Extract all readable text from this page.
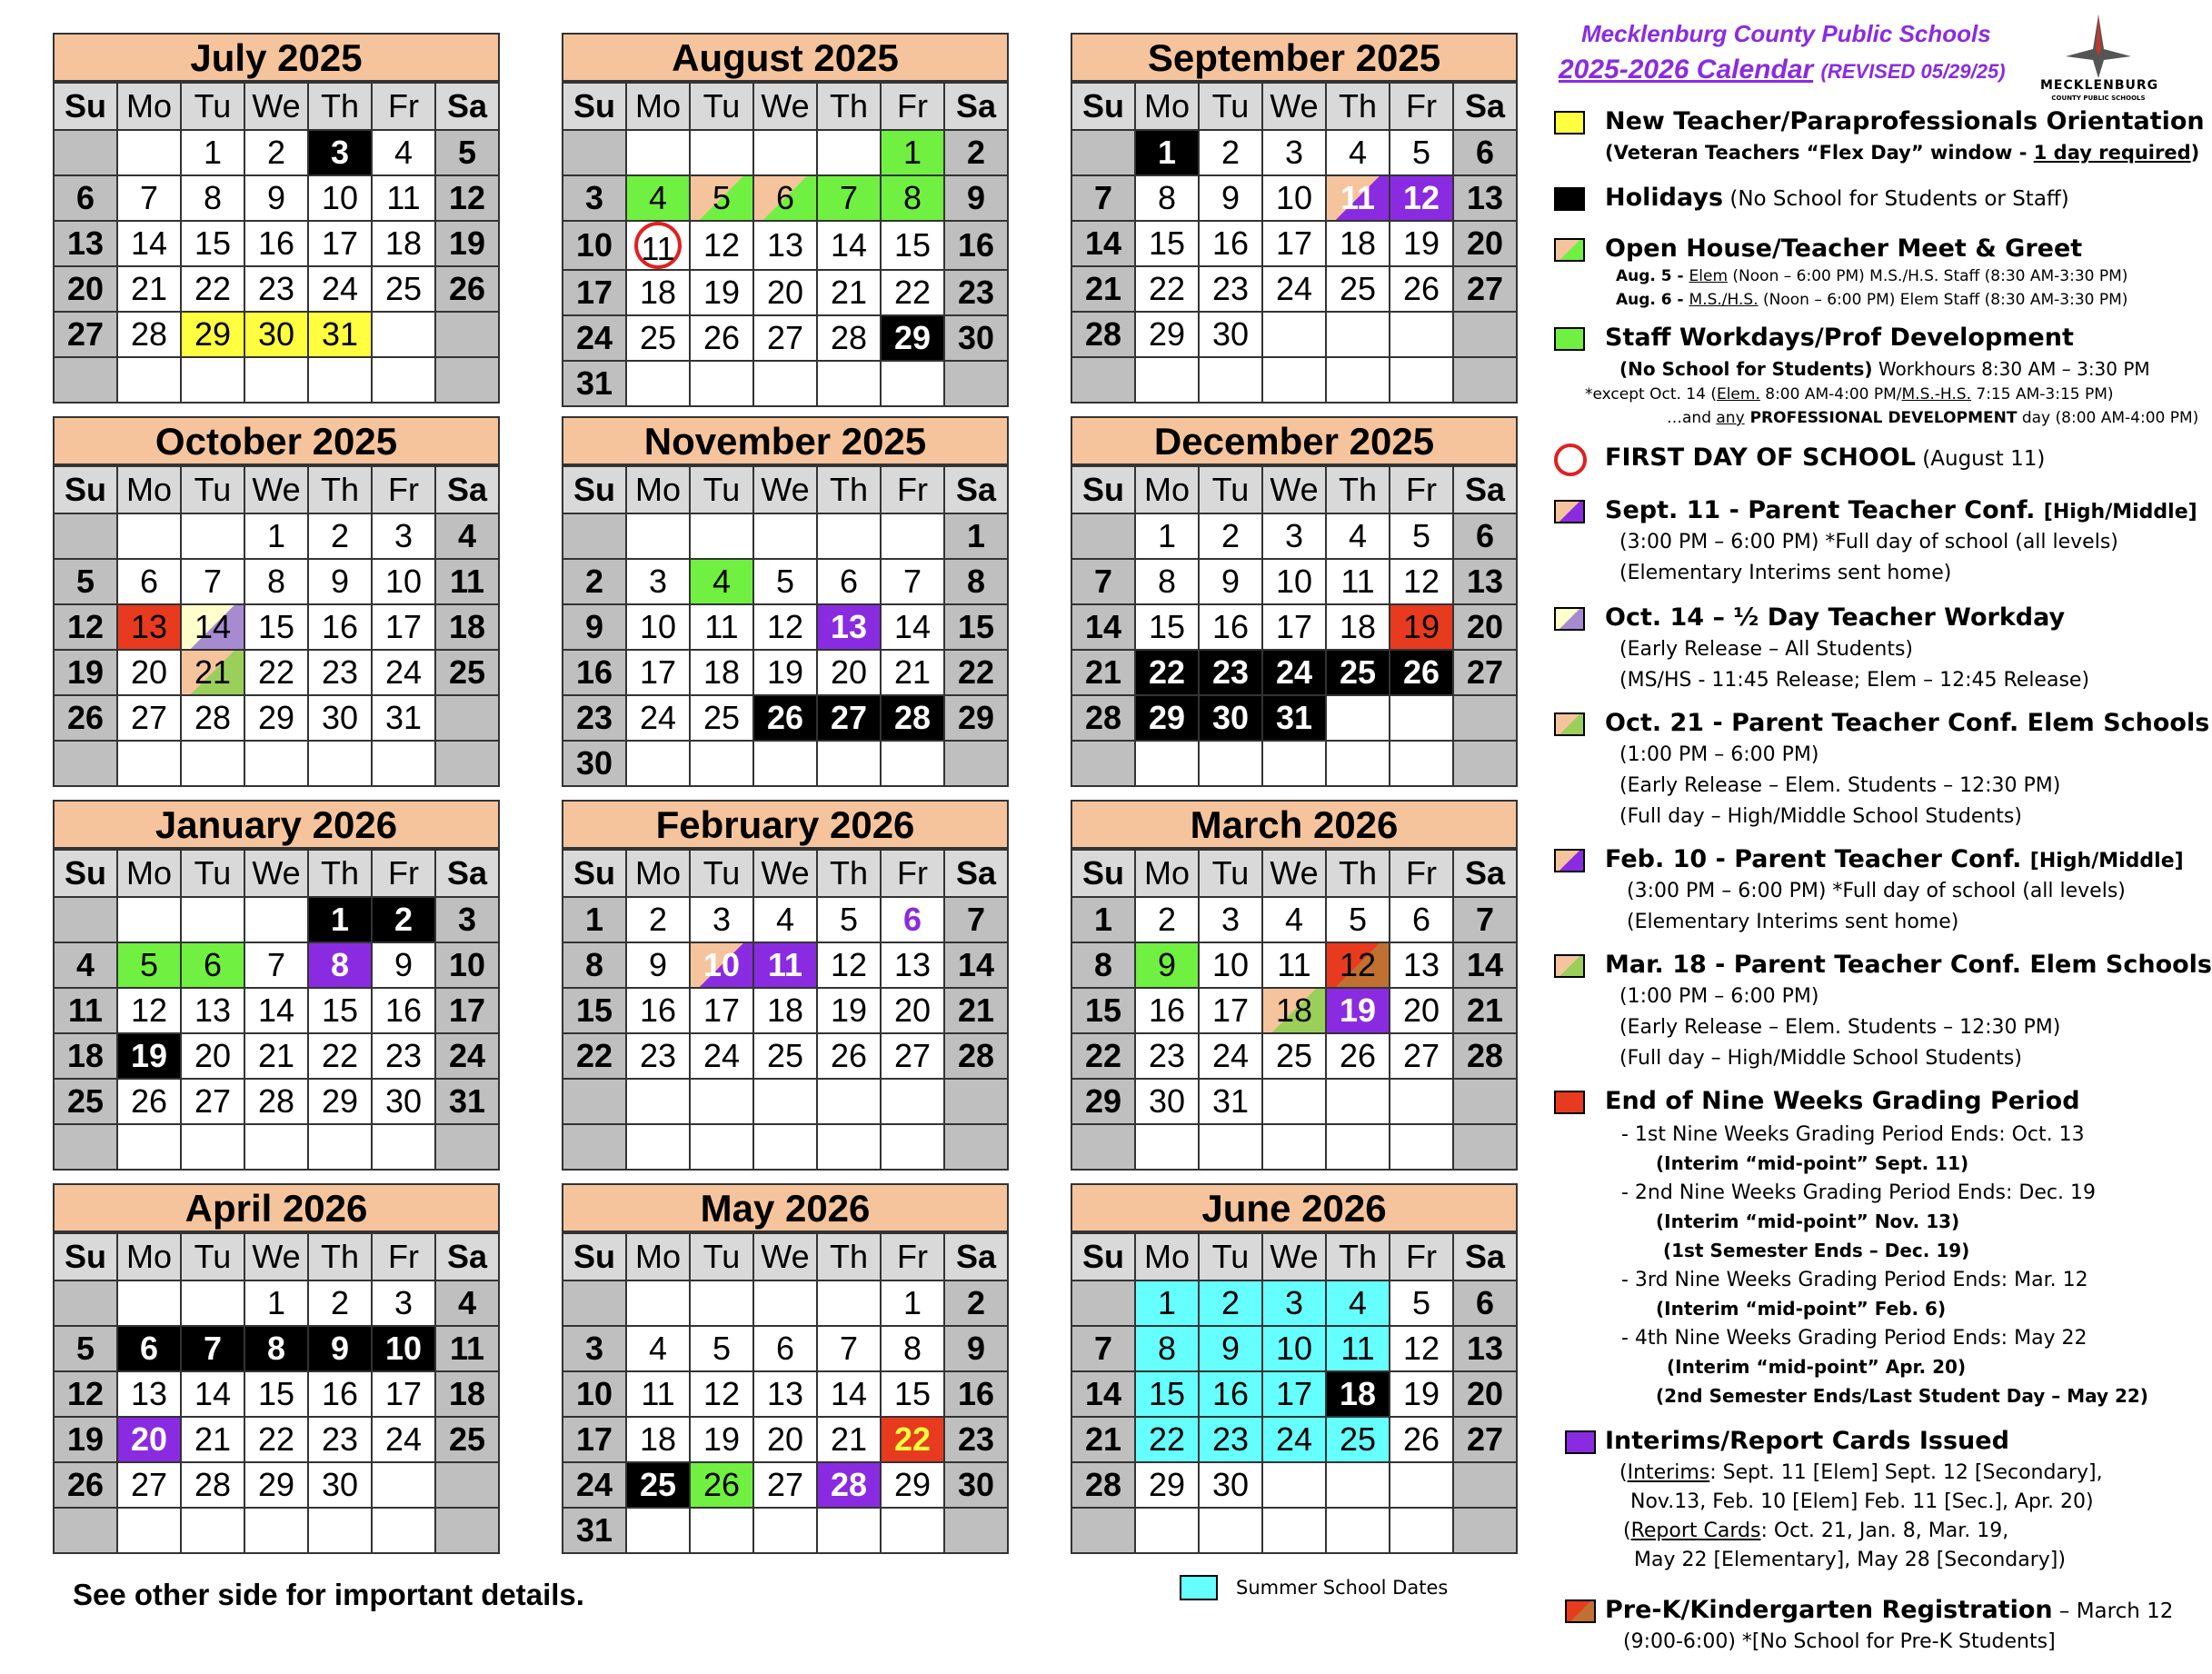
July 2025
Su	Mo	Tu	We	Th	Fr	Sa
		1	2	3	4	5
6	7	8	9	10	11	12
13	14	15	16	17	18	19
20	21	22	23	24	25	26
27	28	29	30	31		

August 2025
Su	Mo	Tu	We	Th	Fr	Sa
					1	2
3	4	5	6	7	8	9
10	11	12	13	14	15	16
17	18	19	20	21	22	23
24	25	26	27	28	29	30
31						
September 2025
Su	Mo	Tu	We	Th	Fr	Sa
	1	2	3	4	5	6
7	8	9	10	11	12	13
14	15	16	17	18	19	20
21	22	23	24	25	26	27
28	29	30				

October 2025
Su	Mo	Tu	We	Th	Fr	Sa
			1	2	3	4
5	6	7	8	9	10	11
12	13	14	15	16	17	18
19	20	21	22	23	24	25
26	27	28	29	30	31	

November 2025
Su	Mo	Tu	We	Th	Fr	Sa
						1
2	3	4	5	6	7	8
9	10	11	12	13	14	15
16	17	18	19	20	21	22
23	24	25	26	27	28	29
30						
December 2025
Su	Mo	Tu	We	Th	Fr	Sa
	1	2	3	4	5	6
7	8	9	10	11	12	13
14	15	16	17	18	19	20
21	22	23	24	25	26	27
28	29	30	31			

January 2026
Su	Mo	Tu	We	Th	Fr	Sa
				1	2	3
4	5	6	7	8	9	10
11	12	13	14	15	16	17
18	19	20	21	22	23	24
25	26	27	28	29	30	31

February 2026
Su	Mo	Tu	We	Th	Fr	Sa
1	2	3	4	5	6	7
8	9	10	11	12	13	14
15	16	17	18	19	20	21
22	23	24	25	26	27	28

March 2026
Su	Mo	Tu	We	Th	Fr	Sa
1	2	3	4	5	6	7
8	9	10	11	12	13	14
15	16	17	18	19	20	21
22	23	24	25	26	27	28
29	30	31				

April 2026
Su	Mo	Tu	We	Th	Fr	Sa
			1	2	3	4
5	6	7	8	9	10	11
12	13	14	15	16	17	18
19	20	21	22	23	24	25
26	27	28	29	30		

May 2026
Su	Mo	Tu	We	Th	Fr	Sa
					1	2
3	4	5	6	7	8	9
10	11	12	13	14	15	16
17	18	19	20	21	22	23
24	25	26	27	28	29	30
31						
June 2026
Su	Mo	Tu	We	Th	Fr	Sa
	1	2	3	4	5	6
7	8	9	10	11	12	13
14	15	16	17	18	19	20
21	22	23	24	25	26	27
28	29	30				

Mecklenburg County Public Schools
2025-2026 Calendar (REVISED 05/29/25)
MECKLENBURG
COUNTY PUBLIC SCHOOLS
New Teacher/Paraprofessionals Orientation
(Veteran Teachers “Flex Day” window - 1 day required)
Holidays (No School for Students or Staff)
Open House/Teacher Meet & Greet
Aug. 5 - Elem (Noon – 6:00 PM) M.S./H.S. Staff (8:30 AM-3:30 PM)
Aug. 6 - M.S./H.S. (Noon – 6:00 PM) Elem Staff (8:30 AM-3:30 PM)
Staff Workdays/Prof Development
(No School for Students) Workhours 8:30 AM – 3:30 PM
*except Oct. 14 (Elem. 8:00 AM-4:00 PM/M.S.-H.S. 7:15 AM-3:15 PM)
…and any PROFESSIONAL DEVELOPMENT day (8:00 AM-4:00 PM)
FIRST DAY OF SCHOOL (August 11)
Sept. 11 - Parent Teacher Conf. [High/Middle]
(3:00 PM – 6:00 PM) *Full day of school (all levels)
(Elementary Interims sent home)
Oct. 14 – ½ Day Teacher Workday
(Early Release – All Students)
(MS/HS - 11:45 Release; Elem – 12:45 Release)
Oct. 21 - Parent Teacher Conf. Elem Schools
(1:00 PM – 6:00 PM)
(Early Release – Elem. Students – 12:30 PM)
(Full day – High/Middle School Students)
Feb. 10 - Parent Teacher Conf. [High/Middle]
(3:00 PM – 6:00 PM) *Full day of school (all levels)
(Elementary Interims sent home)
Mar. 18 - Parent Teacher Conf. Elem Schools
(1:00 PM – 6:00 PM)
(Early Release – Elem. Students – 12:30 PM)
(Full day – High/Middle School Students)
End of Nine Weeks Grading Period
- 1st Nine Weeks Grading Period Ends: Oct. 13
(Interim “mid-point” Sept. 11)
- 2nd Nine Weeks Grading Period Ends: Dec. 19
(Interim “mid-point” Nov. 13)
(1st Semester Ends – Dec. 19)
- 3rd Nine Weeks Grading Period Ends: Mar. 12
(Interim “mid-point” Feb. 6)
- 4th Nine Weeks Grading Period Ends: May 22
(Interim “mid-point” Apr. 20)
(2nd Semester Ends/Last Student Day – May 22)
Interims/Report Cards Issued
(Interims: Sept. 11 [Elem] Sept. 12 [Secondary],
Nov.13, Feb. 10 [Elem] Feb. 11 [Sec.], Apr. 20)
(Report Cards: Oct. 21, Jan. 8, Mar. 19,
May 22 [Elementary], May 28 [Secondary])
Pre-K/Kindergarten Registration – March 12
(9:00-6:00) *[No School for Pre-K Students]
See other side for important details.	Summer School Dates
